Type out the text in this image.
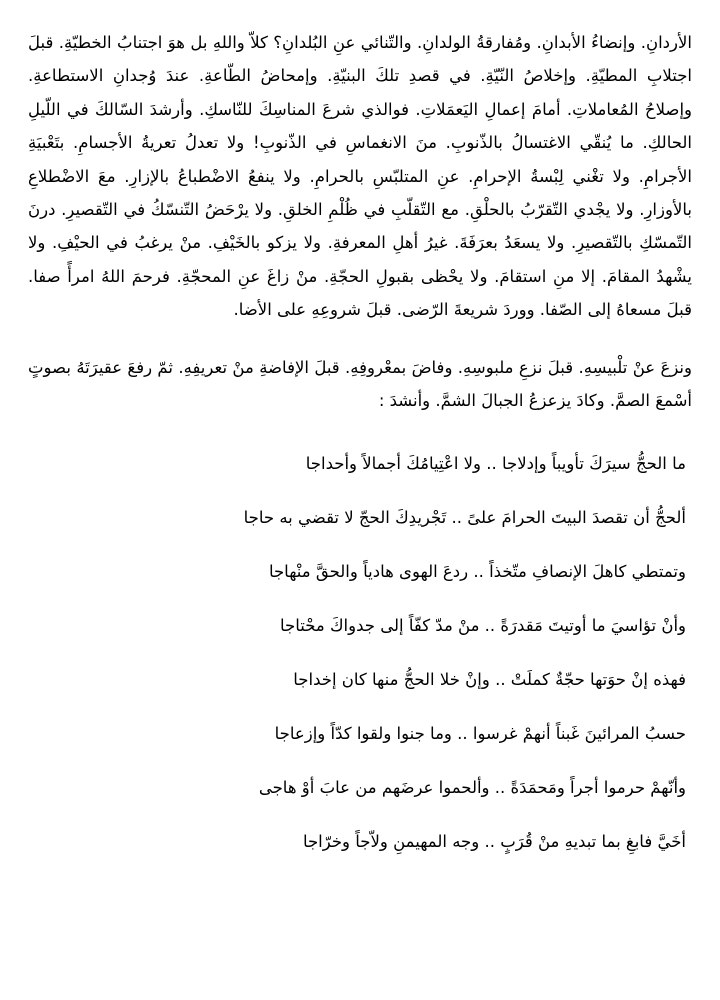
الأردانِ. وإنضاءُ الأبدانِ. ومُفارقةُ الولدانِ. والتّنائي عنِ البُلدانِ؟ كلاّ واللهِ بل هوَ اجتنابُ الخطيّةِ. قبلَ اجتلابِ المطيّةِ. وإخلاصُ النّيّةِ. في قصدِ تلكَ البنيّةِ. وإمحاضُ الطّاعةِ. عندَ وُجدانِ الاستطاعةِ. وإصلاحُ المُعاملاتِ. أمامَ إعمالِ اليَعمَلاتِ. فوالذي شرعَ المناسِكَ للنّاسكِ. وأرشدَ السّالكَ في اللّيلِ الحالكِ. ما يُنقّي الاغتسالُ بالذّنوبِ. منَ الانغماسِ في الذّنوبِ! ولا تعدلُ تعريةُ الأجسامِ. بتَعْبيَةِ الأجرامِ. ولا تغْني لِبْسةُ الإحرامِ. عنِ المتلبّسِ بالحرامِ. ولا ينفعُ الاضْطباعُ بالإزارِ. معَ الاضْطلاعِ بالأوزارِ. ولا يجْدي التّقرّبُ بالحلْقِ. مع التّقلّبِ في ظُلْمِ الخلقِ. ولا يرْحَضُ التّنسّكُ في التّقصيرِ. درنَ التّمسّكِ بالتّقصيرِ. ولا يسعَدُ بعرَفَةَ. غيرُ أهلِ المعرفةِ. ولا يزكو بالخَيْفِ. منْ يرغبُ في الحيْفِ. ولا يشْهدُ المقامَ. إلا منِ استقامَ. ولا يحْظى بقبولِ الحجّةِ. منْ زاغَ عنِ المحجّةِ. فرحمَ اللهُ امرأً صفا. قبلَ مسعاهُ إلى الصّفا. ووردَ شريعةَ الرّضى. قبلَ شروعِهِ على الأضا.

ونزعَ عنْ تلْبيسِهِ. قبلَ نزعِ ملبوسِهِ. وفاضَ بمعْروفِهِ. قبلَ الإفاضةِ منْ تعريفِهِ. ثمّ رفعَ عقيرَتَهُ بصوتٍ أسْمعَ الصمَّ. وكادَ يزعزعُ الجبالَ الشمَّ. وأنشدَ :

ما الحجُّ سيرَكَ تأويباً وإدلاجا .. ولا اعْتِيامُكَ أجمالاً وأحداجا

ألحجُّ أن تقصدَ البيتَ الحرامَ علىً .. تَجْريدِكَ الحجّ لا تقضي به حاجا

وتمتطي كاهلَ الإنصافِ متّخذاً .. ردعَ الهوى هادياً والحقَّ منْهاجا

وأنْ تؤاسيَ ما أوتيتَ مَقدرَةً .. منْ مدّ كفّاً إلى جدواكَ محْتاجا

فهذه إنْ حوَتها حجّةٌ كملَتْ .. وإنْ خلا الحجُّ منها كان إخداجا

حسبُ المرائينَ غَبناً أنهمْ غرسوا .. وما جنوا ولقوا كدّاً وإزعاجا

وأنّهمْ حرموا أجراً ومَحمَدَةً .. وألحموا عرضَهم من عابَ أوْ هاجى

أخَيَّ فابغِ بما تبديهِ منْ قُرَبٍ .. وجه المهيمنِ ولاّجاً وخرّاجا
